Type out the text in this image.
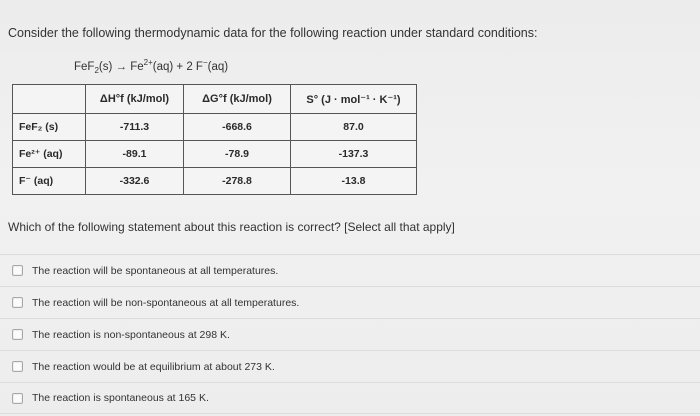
Consider the following thermodynamic data for the following reaction under standard conditions:
$FeF_2(s) \to Fe^{2+}(aq) + 2$ F−(aq)
	ΔH°f (kJ/mol)	ΔG°f (kJ/mol)	S° (J · mol⁻¹ · K⁻¹)
FeF₂ (s)	-711.3	-668.6	87.0
Fe²⁺ (aq)	-89.1	-78.9	-137.3
F⁻ (aq)	-332.6	-278.8	-13.8
Which of the following statement about this reaction is correct? [Select all that apply]
The reaction will be spontaneous at all temperatures.
The reaction will be non-spontaneous at all temperatures.
The reaction is non-spontaneous at 298 K.
The reaction would be at equilibrium at about 273 K.
The reaction is spontaneous at 165 K.
